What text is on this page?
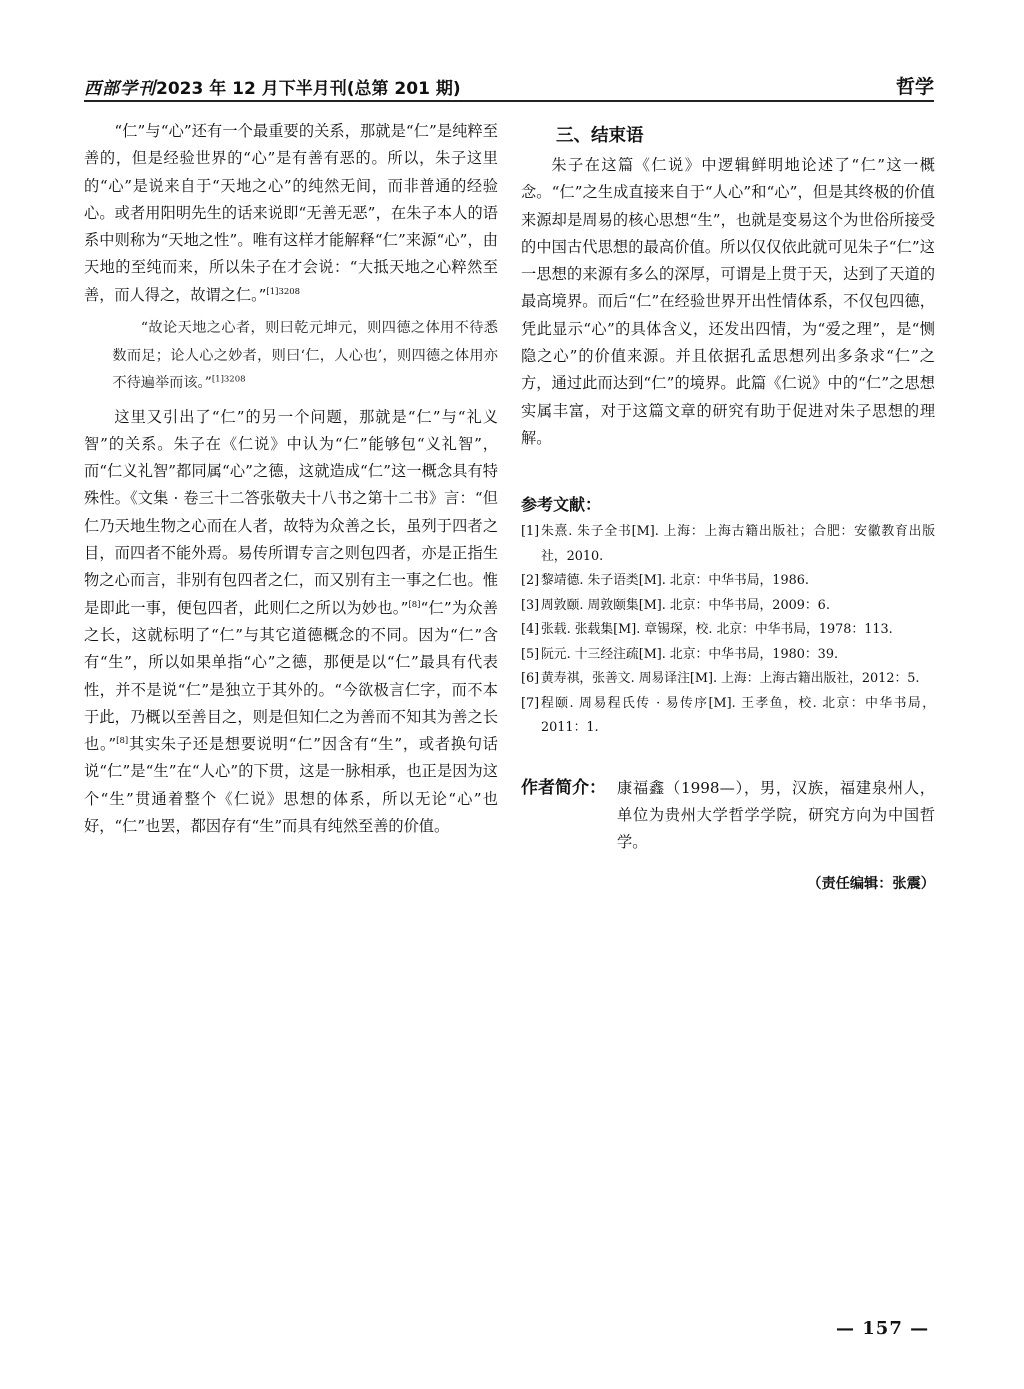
西部学刊2023 年 12 月下半月刊(总第 201 期)	哲学

“仁”与“心”还有一个最重要的关系，那就是“仁”是纯粹至善的，但是经验世界的“心”是有善有恶的。所以，朱子这里的“心”是说来自于“天地之心”的纯然无间，而非普通的经验心。或者用阳明先生的话来说即“无善无恶”，在朱子本人的语系中则称为“天地之性”。唯有这样才能解释“仁”来源“心”，由天地的至纯而来，所以朱子在才会说：“大抵天地之心粹然至善，而人得之，故谓之仁。”$^{[1]3208}$

“故论天地之心者，则曰乾元坤元，则四德之体用不待悉数而足；论人心之妙者，则曰‘仁，人心也’，则四德之体用亦不待遍举而该。”$^{[1]3208}$

这里又引出了“仁”的另一个问题，那就是“仁”与“礼义智”的关系。朱子在《仁说》中认为“仁”能够包“义礼智”，而“仁义礼智”都同属“心”之德，这就造成“仁”这一概念具有特殊性。《文集 · 卷三十二答张敬夫十八书之第十二书》言：“但仁乃天地生物之心而在人者，故特为众善之长，虽列于四者之目，而四者不能外焉。易传所谓专言之则包四者，亦是正指生物之心而言，非别有包四者之仁，而又别有主一事之仁也。惟是即此一事，便包四者，此则仁之所以为妙也。”[8]“仁”为众善之长，这就标明了“仁”与其它道德概念的不同。因为“仁”含有“生”，所以如果单指“心”之德，那便是以“仁”最具有代表性，并不是说“仁”是独立于其外的。“今欲极言仁字，而不本于此，乃概以至善目之，则是但知仁之为善而不知其为善之长也。”[8]其实朱子还是想要说明“仁”因含有“生”，或者换句话说“仁”是“生”在“人心”的下贯，这是一脉相承，也正是因为这个“生”贯通着整个《仁说》思想的体系，所以无论“心”也好，“仁”也罢，都因存有“生”而具有纯然至善的价值。

三、结束语

朱子在这篇《仁说》中逻辑鲜明地论述了“仁”这一概念。“仁”之生成直接来自于“人心”和“心”，但是其终极的价值来源却是周易的核心思想“生”，也就是变易这个为世俗所接受的中国古代思想的最高价值。所以仅仅依此就可见朱子“仁”这一思想的来源有多么的深厚，可谓是上贯于天，达到了天道的最高境界。而后“仁”在经验世界开出性情体系，不仅包四德，凭此显示“心”的具体含义，还发出四情，为“爱之理”，是“恻隐之心”的价值来源。并且依据孔孟思想列出多条求“仁”之方，通过此而达到“仁”的境界。此篇《仁说》中的“仁”之思想实属丰富，对于这篇文章的研究有助于促进对朱子思想的理解。

参考文献：
[1] 朱熹. 朱子全书[M]. 上海：上海古籍出版社；合肥：安徽教育出版社，2010.
[2] 黎靖德. 朱子语类[M]. 北京：中华书局，1986.
[3] 周敦颐. 周敦颐集[M]. 北京：中华书局，2009：6.
[4] 张载. 张载集[M]. 章锡琛，校. 北京：中华书局，1978：113.
[5] 阮元. 十三经注疏[M]. 北京：中华书局，1980：39.
[6] 黄寿祺，张善文. 周易译注[M]. 上海：上海古籍出版社，2012：5.
[7] 程颐. 周易程氏传 · 易传序[M]. 王孝鱼，校. 北京：中华书局，2011：1.
作者简介： 康福鑫（1998—），男，汉族，福建泉州人，单位为贵州大学哲学学院，研究方向为中国哲学。
（责任编辑：张震）
— 157 —
